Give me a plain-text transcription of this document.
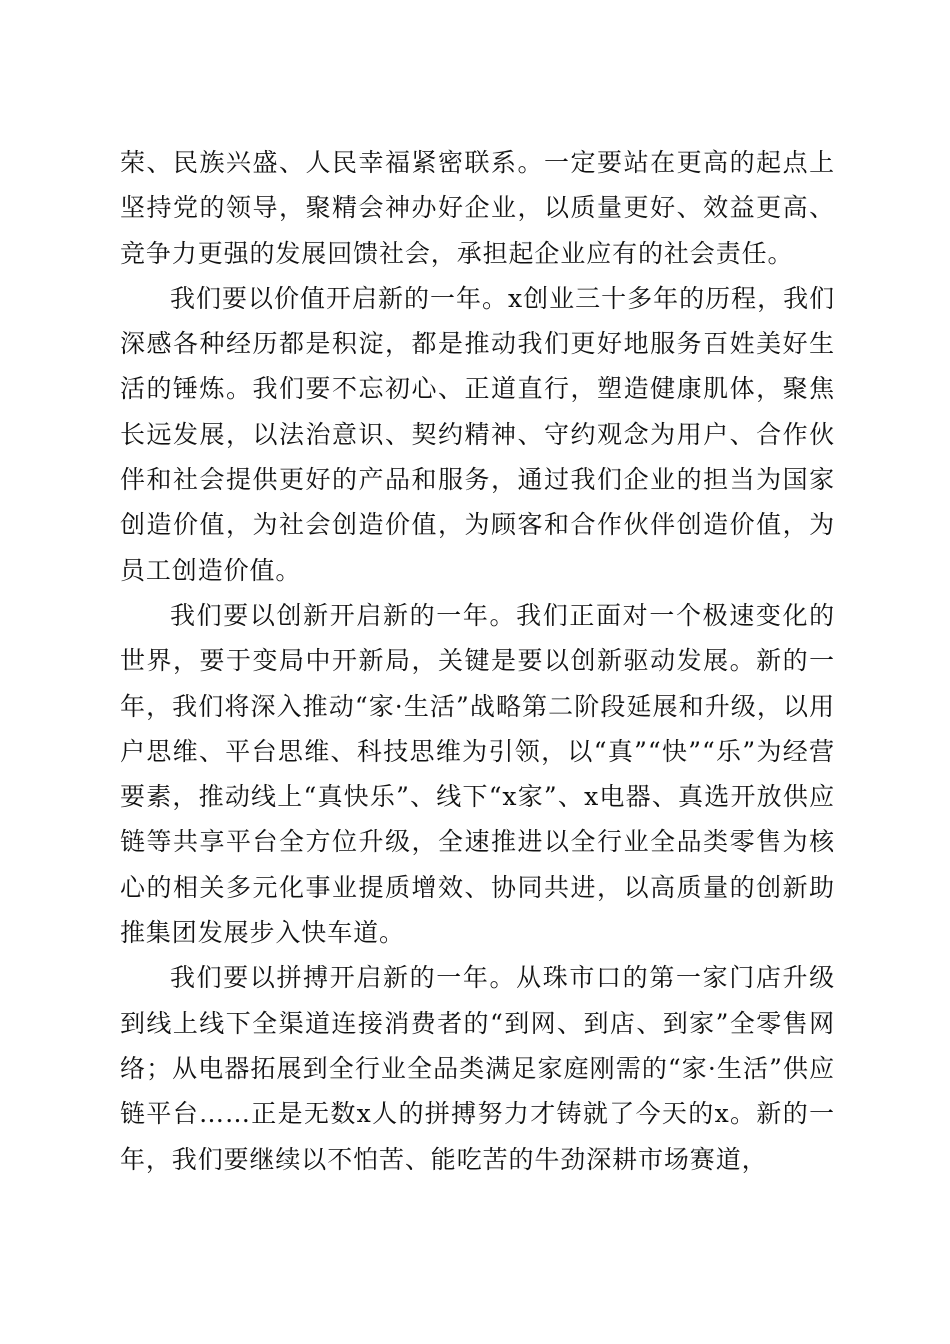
荣、民族兴盛、人民幸福紧密联系。一定要站在更高的起点上坚持党的领导，聚精会神办好企业，以质量更好、效益更高、竞争力更强的发展回馈社会，承担起企业应有的社会责任。

我们要以价值开启新的一年。x创业三十多年的历程，我们深感各种经历都是积淀，都是推动我们更好地服务百姓美好生活的锤炼。我们要不忘初心、正道直行，塑造健康肌体，聚焦长远发展，以法治意识、契约精神、守约观念为用户、合作伙伴和社会提供更好的产品和服务，通过我们企业的担当为国家创造价值，为社会创造价值，为顾客和合作伙伴创造价值，为员工创造价值。

我们要以创新开启新的一年。我们正面对一个极速变化的世界，要于变局中开新局，关键是要以创新驱动发展。新的一年，我们将深入推动“家·生活”战略第二阶段延展和升级，以用户思维、平台思维、科技思维为引领，以“真”“快”“乐”为经营要素，推动线上“真快乐”、线下“x家”、x电器、真选开放供应链等共享平台全方位升级，全速推进以全行业全品类零售为核心的相关多元化事业提质增效、协同共进，以高质量的创新助推集团发展步入快车道。

我们要以拼搏开启新的一年。从珠市口的第一家门店升级到线上线下全渠道连接消费者的“到网、到店、到家”全零售网络；从电器拓展到全行业全品类满足家庭刚需的“家·生活”供应链平台……正是无数x人的拼搏努力才铸就了今天的x。新的一年，我们要继续以不怕苦、能吃苦的牛劲深耕市场赛道，
